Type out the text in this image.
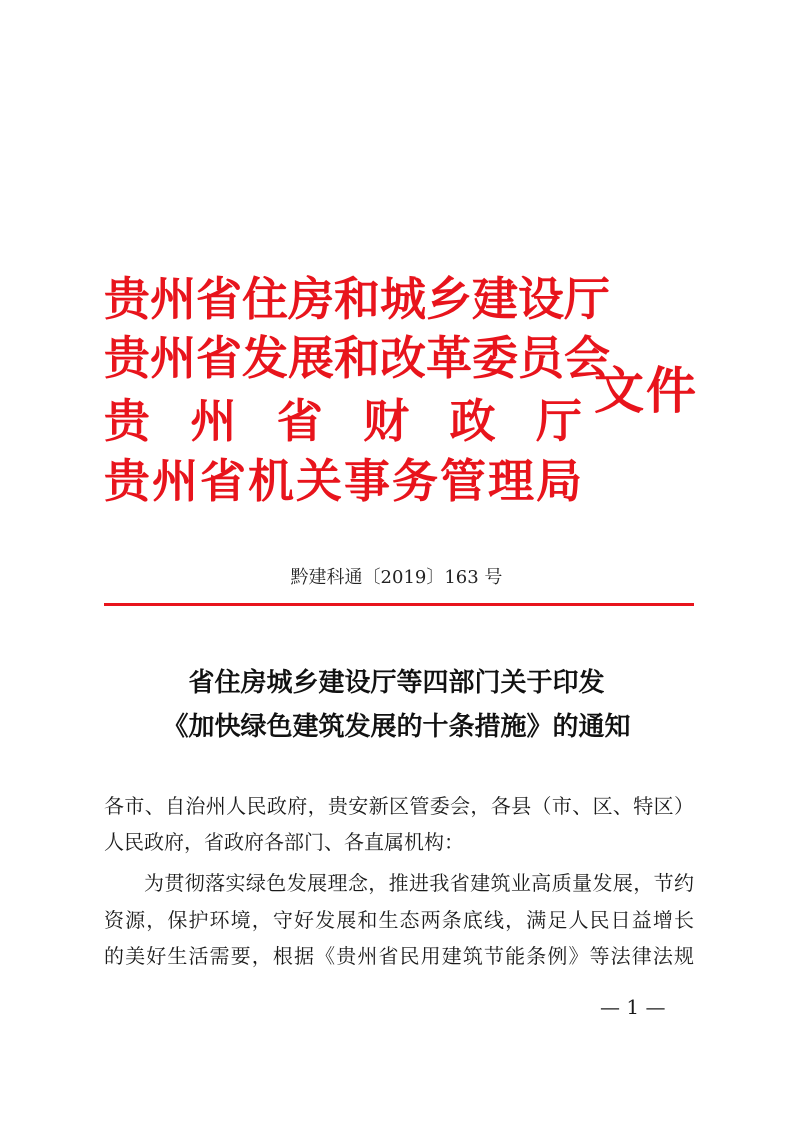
贵 州 省 住 房 和 城 乡 建 设 厅
贵 州 省 发 展 和 改 革 委 员 会
贵 州 省 财 政 厅
贵 州 省 机 关 事 务 管 理 局
文件
黔建科通〔2019〕163 号
省住房城乡建设厅等四部门关于印发
《加快绿色建筑发展的十条措施》的通知
各市、自治州人民政府，贵安新区管委会，各县（市、区、特区）
人民政府，省政府各部门、各直属机构：
为贯彻落实绿色发展理念，推进我省建筑业高质量发展，节约
资源，保护环境，守好发展和生态两条底线，满足人民日益增长
的美好生活需要，根据《贵州省民用建筑节能条例》等法律法规
— 1 —
